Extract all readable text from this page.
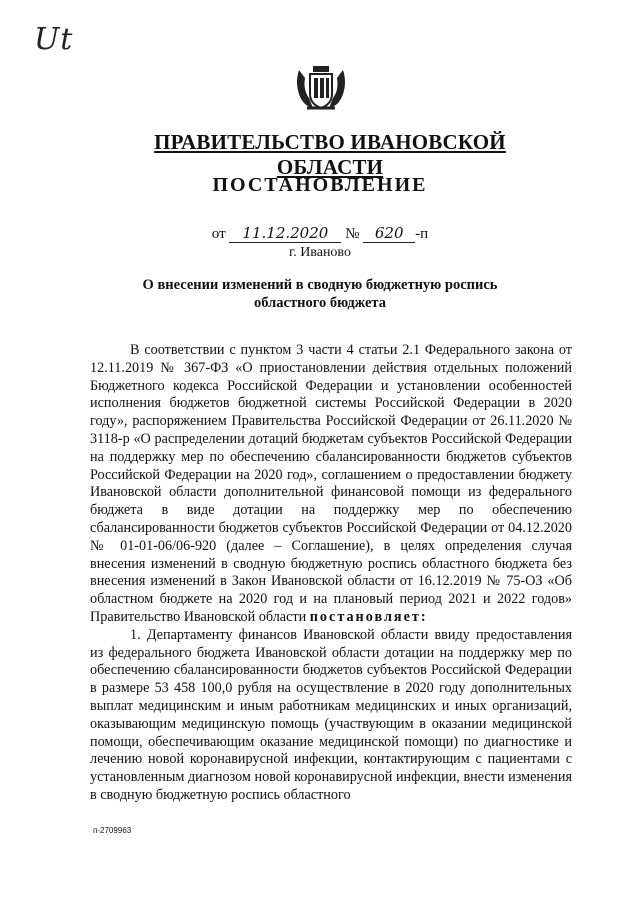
Ut
ПРАВИТЕЛЬСТВО ИВАНОВСКОЙ ОБЛАСТИ
ПОСТАНОВЛЕНИЕ
от 11.12.2020 № 620 -п
г. Иваново
О внесении изменений в сводную бюджетную роспись
областного бюджета

В соответствии с пунктом 3 части 4 статьи 2.1 Федерального закона от 12.11.2019 № 367-ФЗ «О приостановлении действия отдельных положений Бюджетного кодекса Российской Федерации и установлении особенностей исполнения бюджетов бюджетной системы Российской Федерации в 2020 году», распоряжением Правительства Российской Федерации от 26.11.2020 № 3118-р «О распределении дотаций бюджетам субъектов Российской Федерации на поддержку мер по обеспечению сбалансированности бюджетов субъектов Российской Федерации на 2020 год», соглашением о предоставлении бюджету Ивановской области дополнительной финансовой помощи из федерального бюджета в виде дотации на поддержку мер по обеспечению сбалансированности бюджетов субъектов Российской Федерации от 04.12.2020 № 01-01-06/06-920 (далее – Соглашение), в целях определения случая внесения изменений в сводную бюджетную роспись областного бюджета без внесения изменений в Закон Ивановской области от 16.12.2019 № 75-ОЗ «Об областном бюджете на 2020 год и на плановый период 2021 и 2022 годов» Правительство Ивановской области постановляет:

1. Департаменту финансов Ивановской области ввиду предоставления из федерального бюджета Ивановской области дотации на поддержку мер по обеспечению сбалансированности бюджетов субъектов Российской Федерации в размере 53 458 100,0 рубля на осуществление в 2020 году дополнительных выплат медицинским и иным работникам медицинских и иных организаций, оказывающим медицинскую помощь (участвующим в оказании медицинской помощи, обеспечивающим оказание медицинской помощи) по диагностике и лечению новой коронавирусной инфекции, контактирующим с пациентами с установленным диагнозом новой коронавирусной инфекции, внести изменения в сводную бюджетную роспись областного

п-2709963
